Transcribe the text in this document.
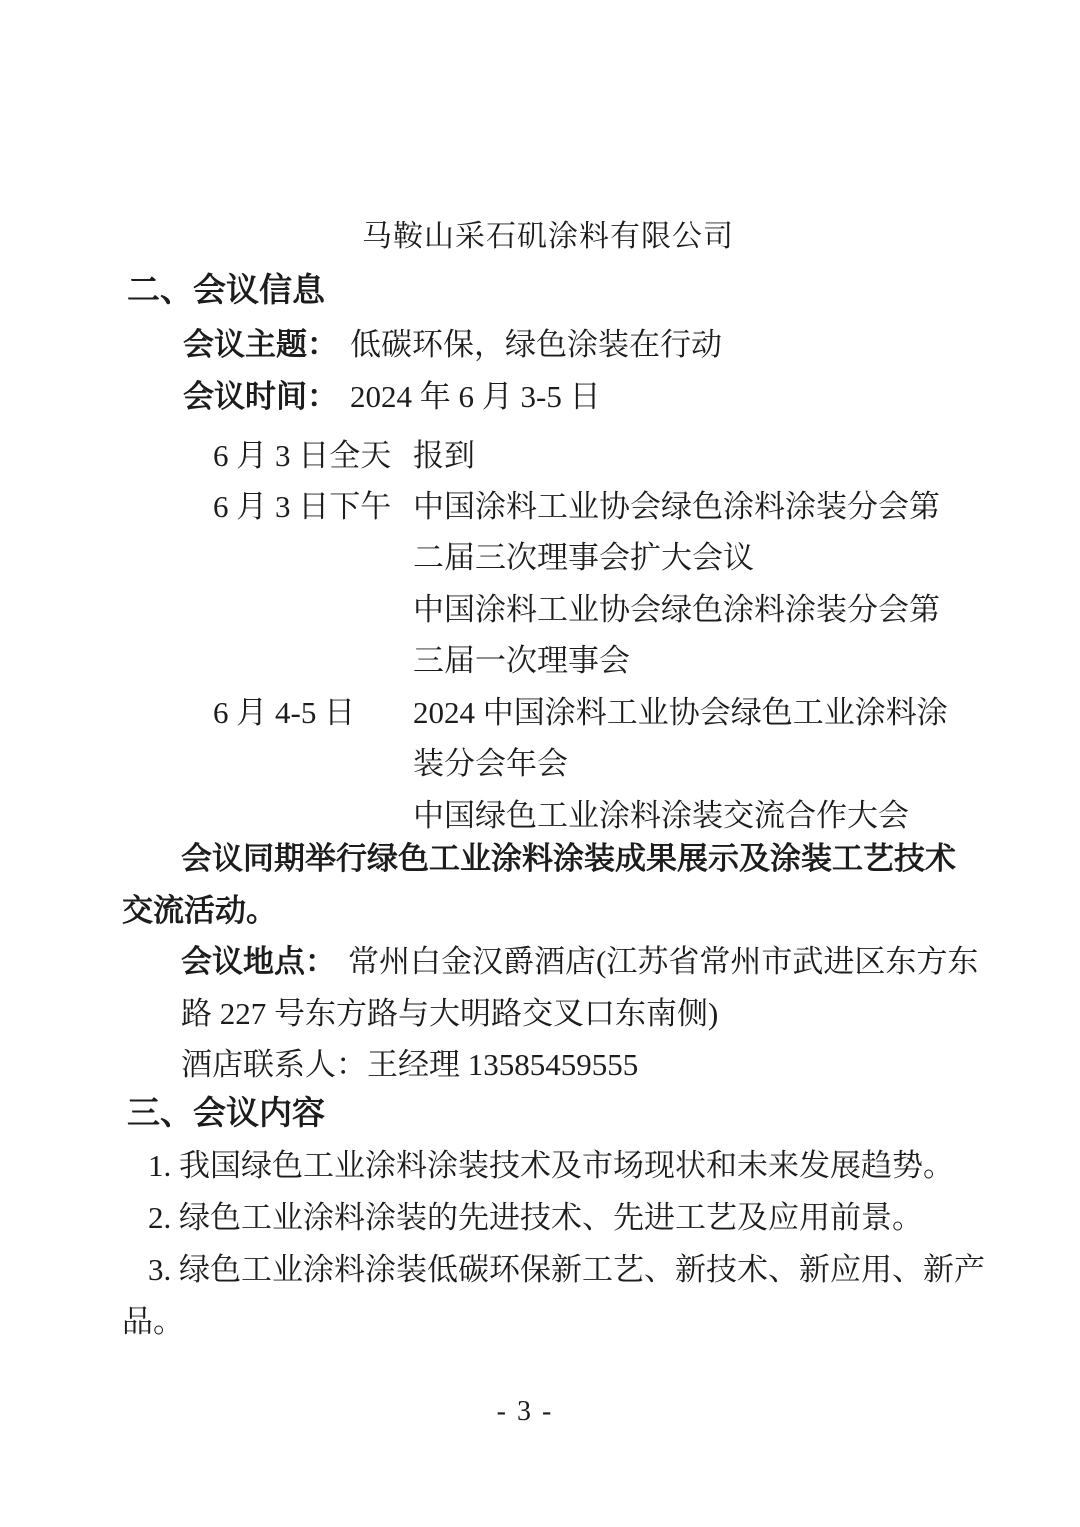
马鞍山采石矶涂料有限公司
二、会议信息
会议主题： 低碳环保，绿色涂装在行动
会议时间： 2024 年 6 月 3-5 日
6 月 3 日全天 报到
6 月 3 日下午 中国涂料工业协会绿色涂料涂装分会第
二届三次理事会扩大会议
中国涂料工业协会绿色涂料涂装分会第
三届一次理事会
6 月 4-5 日 2024 中国涂料工业协会绿色工业涂料涂
装分会年会
中国绿色工业涂料涂装交流合作大会
会议同期举行绿色工业涂料涂装成果展示及涂装工艺技术
交流活动。
会议地点： 常州白金汉爵酒店(江苏省常州市武进区东方东
路 227 号东方路与大明路交叉口东南侧)
酒店联系人：王经理 13585459555
三、会议内容
1. 我国绿色工业涂料涂装技术及市场现状和未来发展趋势。
2. 绿色工业涂料涂装的先进技术、先进工艺及应用前景。
3. 绿色工业涂料涂装低碳环保新工艺、新技术、新应用、新产
品。
- 3 -
